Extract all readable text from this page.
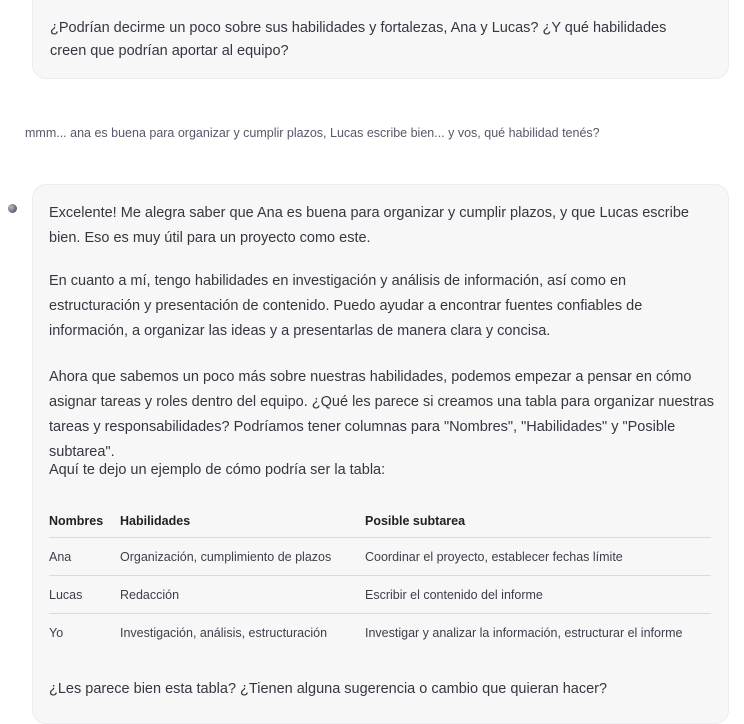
¿Podrían decirme un poco sobre sus habilidades y fortalezas, Ana y Lucas? ¿Y qué habilidades creen que podrían aportar al equipo?
mmm... ana es buena para organizar y cumplir plazos, Lucas escribe bien... y vos, qué habilidad tenés?
Excelente! Me alegra saber que Ana es buena para organizar y cumplir plazos, y que Lucas escribe bien. Eso es muy útil para un proyecto como este.
En cuanto a mí, tengo habilidades en investigación y análisis de información, así como en estructuración y presentación de contenido. Puedo ayudar a encontrar fuentes confiables de información, a organizar las ideas y a presentarlas de manera clara y concisa.
Ahora que sabemos un poco más sobre nuestras habilidades, podemos empezar a pensar en cómo asignar tareas y roles dentro del equipo. ¿Qué les parece si creamos una tabla para organizar nuestras tareas y responsabilidades? Podríamos tener columnas para "Nombres", "Habilidades" y "Posible subtarea".
Aquí te dejo un ejemplo de cómo podría ser la tabla:
Nombres	Habilidades	Posible subtarea
Ana	Organización, cumplimiento de plazos	Coordinar el proyecto, establecer fechas límite
Lucas	Redacción	Escribir el contenido del informe
Yo	Investigación, análisis, estructuración	Investigar y analizar la información, estructurar el informe
¿Les parece bien esta tabla? ¿Tienen alguna sugerencia o cambio que quieran hacer?
